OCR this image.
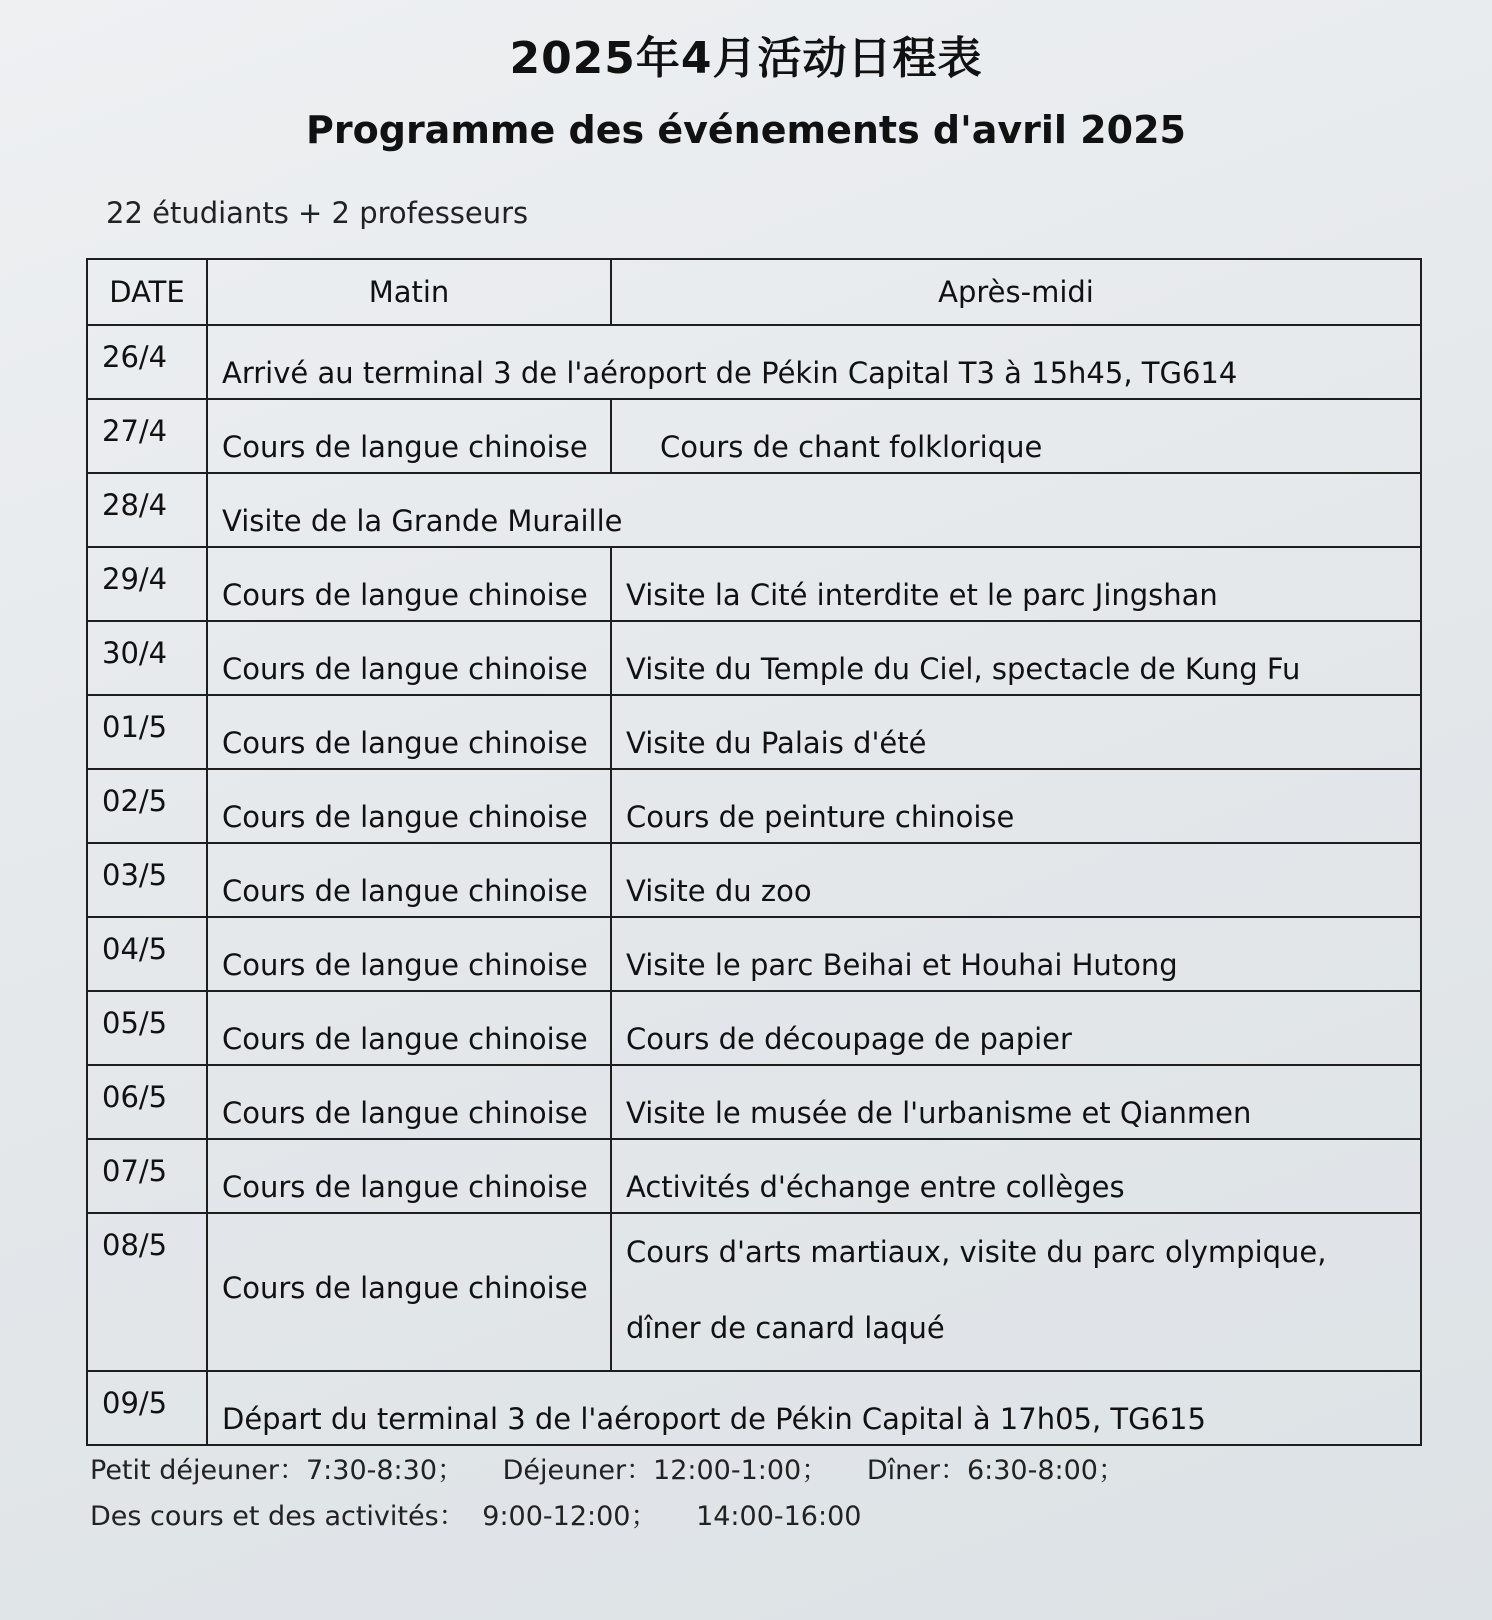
2025年4月活动日程表
Programme des événements d'avril 2025
22 étudiants + 2 professeurs
DATE	Matin	Après-midi
26/4	Arrivé au terminal 3 de l'aéroport de Pékin Capital T3 à 15h45, TG614	
27/4	Cours de langue chinoise	Cours de chant folklorique
28/4	Visite de la Grande Muraille	
29/4	Cours de langue chinoise	Visite la Cité interdite et le parc Jingshan
30/4	Cours de langue chinoise	Visite du Temple du Ciel, spectacle de Kung Fu
01/5	Cours de langue chinoise	Visite du Palais d'été
02/5	Cours de langue chinoise	Cours de peinture chinoise
03/5	Cours de langue chinoise	Visite du zoo
04/5	Cours de langue chinoise	Visite le parc Beihai et Houhai Hutong
05/5	Cours de langue chinoise	Cours de découpage de papier
06/5	Cours de langue chinoise	Visite le musée de l'urbanisme et Qianmen
07/5	Cours de langue chinoise	Activités d'échange entre collèges
08/5	Cours de langue chinoise	Cours d'arts martiaux, visite du parc olympique, dîner de canard laqué
09/5	Départ du terminal 3 de l'aéroport de Pékin Capital à 17h05, TG615	
Petit déjeuner：7:30-8:30； Déjeuner：12:00-1:00； Dîner：6:30-8:00；
Des cours et des activités： 9:00-12:00； 14:00-16:00
